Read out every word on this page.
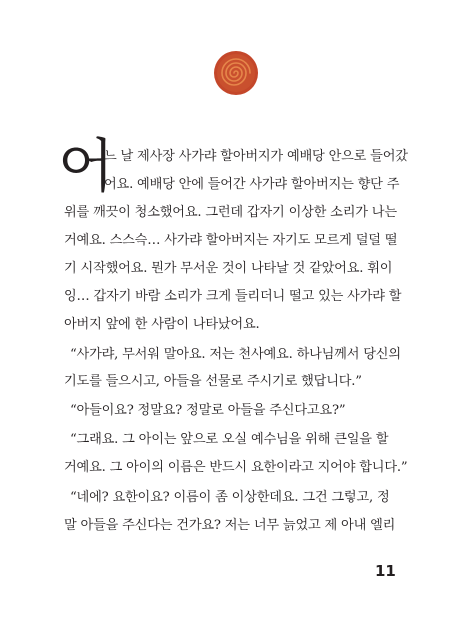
어
느 날 제사장 사가랴 할아버지가 예배당 안으로 들어갔
어요. 예배당 안에 들어간 사가랴 할아버지는 향단 주
위를 깨끗이 청소했어요. 그런데 갑자기 이상한 소리가 나는
거예요. 스스슥… 사가랴 할아버지는 자기도 모르게 덜덜 떨
기 시작했어요. 뭔가 무서운 것이 나타날 것 같았어요. 휘이
잉… 갑자기 바람 소리가 크게 들리더니 떨고 있는 사가랴 할
아버지 앞에 한 사람이 나타났어요.
“사가랴, 무서워 말아요. 저는 천사예요. 하나님께서 당신의
기도를 들으시고, 아들을 선물로 주시기로 했답니다.”
“아들이요? 정말요? 정말로 아들을 주신다고요?”
“그래요. 그 아이는 앞으로 오실 예수님을 위해 큰일을 할
거예요. 그 아이의 이름은 반드시 요한이라고 지어야 합니다.”
“네에? 요한이요? 이름이 좀 이상한데요. 그건 그렇고, 정
말 아들을 주신다는 건가요? 저는 너무 늙었고 제 아내 엘리
11
